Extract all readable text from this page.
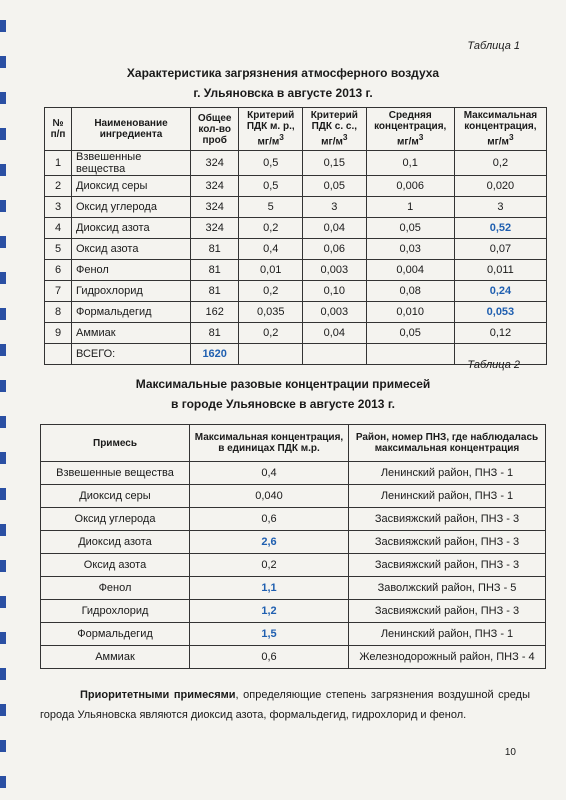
Таблица 1
Характеристика загрязнения атмосферного воздуха
г. Ульяновска в августе 2013 г.
№ п/п	Наименование ингредиента	Общее кол-во проб	Критерий ПДК м. р., $мг/м^3$	Критерий ПДК с. с., $мг/м^3$	Средняя концентрация, $мг/м^3$	Максимальная концентрация, $мг/м^3$
1	Взвешенные вещества	324	0,5	0,15	0,1	0,2
2	Диоксид серы	324	0,5	0,05	0,006	0,020
3	Оксид углерода	324	5	3	1	3
4	Диоксид азота	324	0,2	0,04	0,05	0,52
5	Оксид азота	81	0,4	0,06	0,03	0,07
6	Фенол	81	0,01	0,003	0,004	0,011
7	Гидрохлорид	81	0,2	0,10	0,08	0,24
8	Формальдегид	162	0,035	0,003	0,010	0,053
9	Аммиак	81	0,2	0,04	0,05	0,12
	ВСЕГО:	1620				
Таблица 2
Максимальные разовые концентрации примесей
в городе Ульяновске в августе 2013 г.
Примесь	Максимальная концентрация, в единицах ПДК м.р.	Район, номер ПНЗ, где наблюдалась максимальная концентрация
Взвешенные вещества	0,4	Ленинский район, ПНЗ - 1
Диоксид серы	0,040	Ленинский район, ПНЗ - 1
Оксид углерода	0,6	Засвияжский район, ПНЗ - 3
Диоксид азота	2,6	Засвияжский район, ПНЗ - 3
Оксид азота	0,2	Засвияжский район, ПНЗ - 3
Фенол	1,1	Заволжский район, ПНЗ - 5
Гидрохлорид	1,2	Засвияжский район, ПНЗ - 3
Формальдегид	1,5	Ленинский район, ПНЗ - 1
Аммиак	0,6	Железнодорожный район, ПНЗ - 4
Приоритетными примесями, определяющие степень загрязнения воздушной среды города Ульяновска являются диоксид азота, формальдегид, гидрохлорид и фенол.
10
